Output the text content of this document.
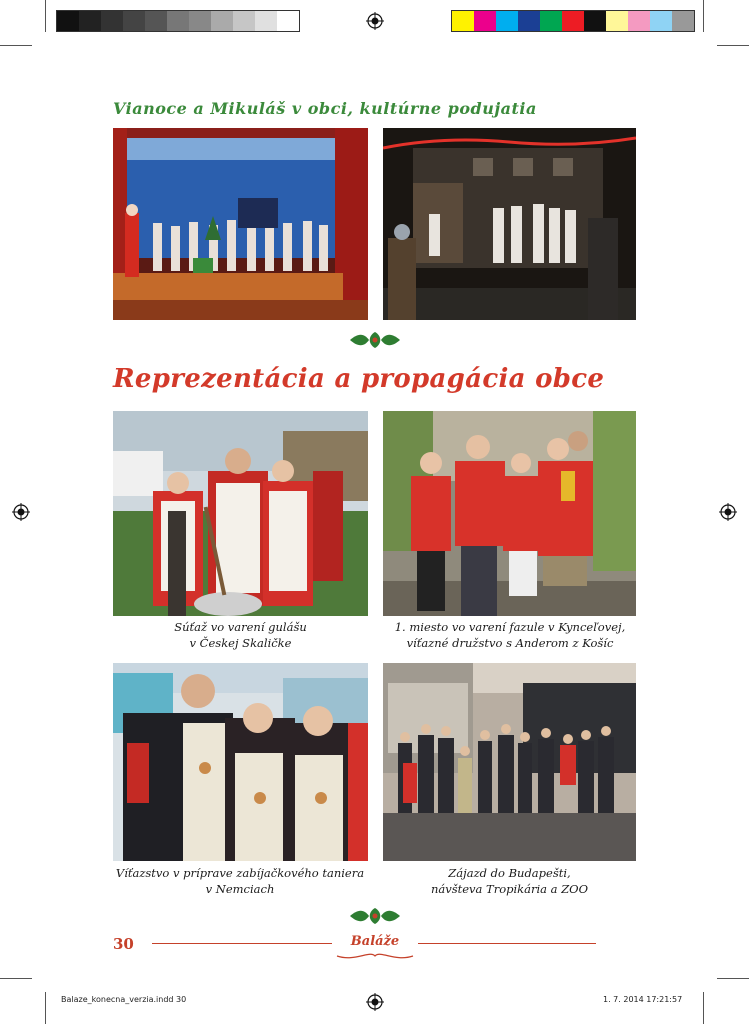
Vianoce a Mikuláš v obci, kultúrne podujatia
Reprezentácia a propagácia obce
Súťaž vo varení gulášu
v Českej Skaličke
1. miesto vo varení fazule v Kynceľovej,
víťazné družstvo s Anderom z Košíc
Víťazstvo v príprave zabíjačkového taniera
v Nemciach
Zájazd do Budapešti,
návšteva Tropikária a ZOO
30	Baláže
Balaze_konecna_verzia.indd 30	1. 7. 2014 17:21:57
